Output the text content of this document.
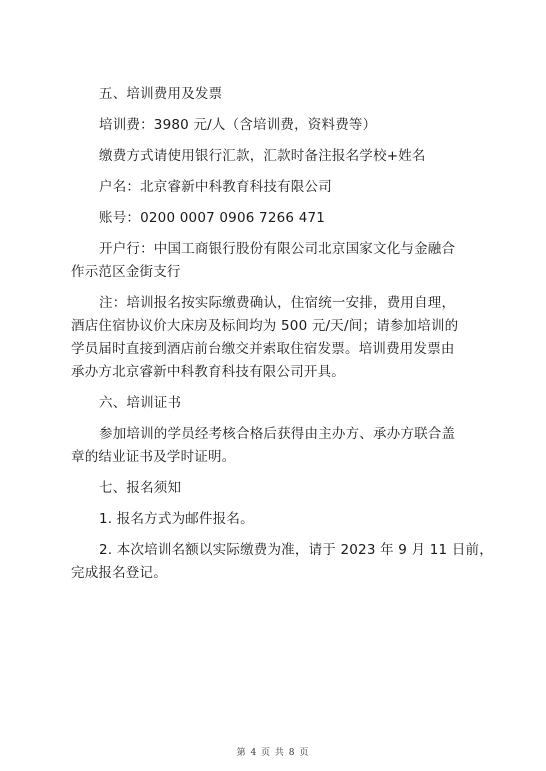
五、培训费用及发票
培训费：3980 元/人（含培训费，资料费等）
缴费方式请使用银行汇款，汇款时备注报名学校+姓名
户名：北京睿新中科教育科技有限公司
账号：0200 0007 0906 7266 471
开户行：中国工商银行股份有限公司北京国家文化与金融合
作示范区金街支行
注：培训报名按实际缴费确认，住宿统一安排，费用自理，
酒店住宿协议价大床房及标间均为 500 元/天/间；请参加培训的
学员届时直接到酒店前台缴交并索取住宿发票。培训费用发票由
承办方北京睿新中科教育科技有限公司开具。
六、培训证书
参加培训的学员经考核合格后获得由主办方、承办方联合盖
章的结业证书及学时证明。
七、报名须知
1. 报名方式为邮件报名。
2. 本次培训名额以实际缴费为准，请于 2023 年 9 月 11 日前，
完成报名登记。
第 4 页 共 8 页
